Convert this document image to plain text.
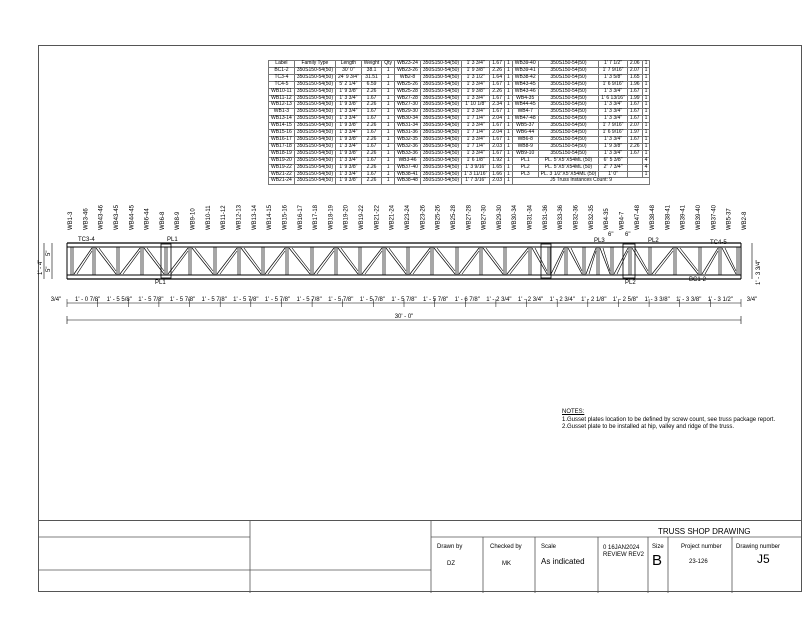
Label	Family Type	Length	Weight	Qty	WB23-24	350S150-54(50)	1' 3 3/4"	1.67	1	WB39-40	350S150-54(50)	1' 7 1/2"	2.06	1
BC1-2	350S150-54(50)	30' 0"	38.1	1	WB23-26	350S150-54(50)	1' 9 3/8"	2.26	1	WB39-41	350S150-54(50)	1' 7 9/16"	2.07	1
TC3-4	350S150-54(50)	24' 9 3/4"	31.51	1	WB2-8	350S150-54(50)	1' 3 1/2"	1.64	1	WB38-42	350S150-54(50)	1' 3 5/8"	1.65	1
TC4-5	350S150-54(50)	5' 2 1/4"	6.59	1	WB25-26	350S150-54(50)	1' 3 3/4"	1.67	1	WB43-45	350S150-54(50)	1' 6 9/16"	1.96	1
WB10-11	350S150-54(50)	1' 9 3/8"	2.26	1	WB25-28	350S150-54(50)	1' 9 3/8"	2.26	1	WB43-46	350S150-54(50)	1' 3 3/4"	1.67	1
WB11-12	350S150-54(50)	1' 3 3/4"	1.67	1	WB27-28	350S150-54(50)	1' 3 3/4"	1.67	1	WB4-35	350S150-54(50)	1' 6 13/16"	1.99	1
WB12-13	350S150-54(50)	1' 9 3/8"	2.26	1	WB27-30	350S150-54(50)	1' 10 1/8"	2.34	1	WB44-45	350S150-54(50)	1' 3 3/4"	1.67	1
WB1-3	350S150-54(50)	1' 3 3/4"	1.67	1	WB29-30	350S150-54(50)	1' 3 3/4"	1.67	1	WB4-7	350S150-54(50)	1' 3 3/4"	1.67	1
WB13-14	350S150-54(50)	1' 3 3/4"	1.67	1	WB30-34	350S150-54(50)	1' 7 1/4"	2.04	1	WB47-48	350S150-54(50)	1' 3 3/4"	1.67	1
WB14-15	350S150-54(50)	1' 9 3/8"	2.26	1	WB31-34	350S150-54(50)	1' 3 3/4"	1.67	1	WB5-37	350S150-54(50)	1' 7 9/16"	2.07	1
WB15-16	350S150-54(50)	1' 3 3/4"	1.67	1	WB31-36	350S150-54(50)	1' 7 1/4"	2.04	1	WB6-44	350S150-54(50)	1' 6 9/16"	1.97	1
WB16-17	350S150-54(50)	1' 9 3/8"	2.26	1	WB32-35	350S150-54(50)	1' 3 3/4"	1.67	1	WB6-8	350S150-54(50)	1' 3 3/4"	1.67	1
WB17-18	350S150-54(50)	1' 3 3/4"	1.67	1	WB32-36	350S150-54(50)	1' 7 1/4"	2.03	1	WB8-9	350S150-54(50)	1' 9 3/8"	2.26	1
WB18-19	350S150-54(50)	1' 9 3/8"	2.26	1	WB33-36	350S150-54(50)	1' 3 3/4"	1.67	1	WB9-10	350S150-54(50)	1' 3 3/4"	1.67	1
WB19-20	350S150-54(50)	1' 3 3/4"	1.67	1	WB3-46	350S150-54(50)	1' 6 1/8"	1.92	1	PL1	PL. 5"X5"X54ML (50)	6" 5 3/8"		4
WB19-22	350S150-54(50)	1' 9 3/8"	2.26	1	WB37-40	350S150-54(50)	1' 3 9/16"	1.65	1	PL2	PL. 5"X5"X54ML (50)	2" 7 3/4"		4
WB21-22	350S150-54(50)	1' 3 3/4"	1.67	1	WB38-41	350S150-54(50)	1' 3 11/16"	1.66	1	PL3	PL. 3 1/2"X5"X54ML (50)	1' 0"		1
WB21-24	350S150-54(50)	1' 9 3/8"	2.26	1	WB38-48	350S150-54(50)	1' 7 3/16"	2.03	1	J5 Truss Instances Count: 9				
WB1-3 WB3-46 WB43-46 WB43-45 WB44-45 WB6-44 WB6-8 WB8-9 WB9-10 WB10-11 WB11-12 WB12-13 WB13-14 WB14-15 WB15-16 WB16-17 WB17-18 WB18-19 WB19-20 WB19-22 WB21-22 WB21-24 WB23-24 WB23-26 WB25-26 WB25-28 WB27-28 WB27-30 WB29-30 WB30-34 WB31-34 WB31-36 WB33-36 WB32-36 WB32-35 WB4-35 WB4-7 WB47-48 WB38-48 WB38-41 WB39-41 WB39-40 WB37-40 WB5-37 WB2-8
TC3-4	PL1	PL3	PL2	TC4-5
PL1	PL2	BC1-2
6" 6"
1' - 4"
5"
5"	1' - 3 3/4"
3/4" 1' - 0 7/8" 1' - 5 5/8" 1' - 5 7/8" 1' - 5 7/8" 1' - 5 7/8" 1' - 5 7/8" 1' - 5 7/8" 1' - 5 7/8" 1' - 5 7/8" 1' - 5 7/8" 1' - 5 7/8" 1' - 5 7/8" 1' - 6 7/8" 1' - 2 3/4" 1' - 2 3/4" 1' - 2 3/4" 1' - 2 1/8" 1' - 2 5/8" 1' - 3 3/8" 1' - 3 3/8" 1' - 3 1/2" 3/4"
30' - 0"
NOTES:
1.Gusset plates location to be defined by screw count, see truss package report.
2.Gusset plate to be installed at hip, valley and ridge of the truss.
TRUSS SHOP DRAWING
Drawn by
DZ
Checked by
MK
Scale
As indicated
0 16JAN2024
REVIEW REV2
Size
B
Project number
23-126
Drawing number
J5
